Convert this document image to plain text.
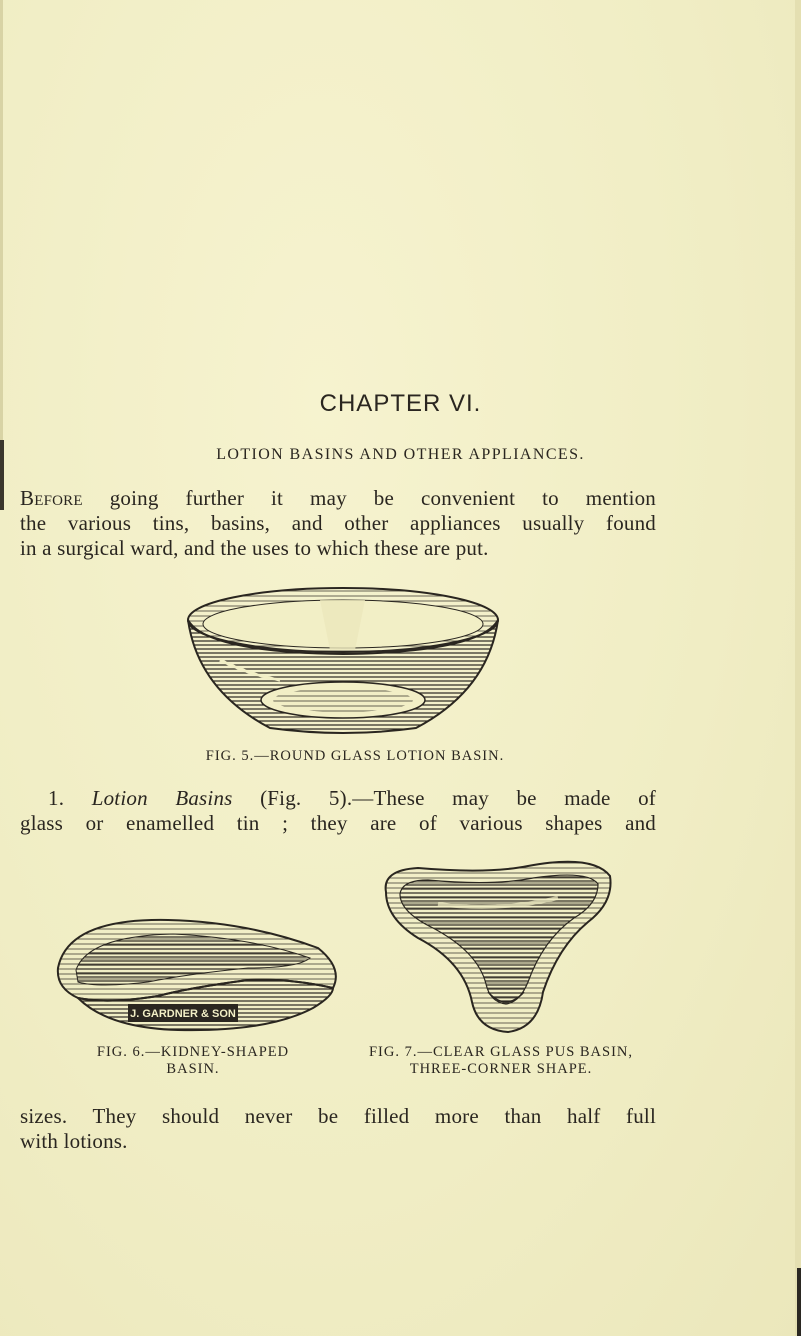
CHAPTER VI.
LOTION BASINS AND OTHER APPLIANCES.
Before going further it may be convenient to mention
the various tins, basins, and other appliances usually found
in a surgical ward, and the uses to which these are put.
FIG. 5.—ROUND GLASS LOTION BASIN.
1. Lotion Basins (Fig. 5).—These may be made of
glass or enamelled tin ; they are of various shapes and
J. GARDNER & SON
FIG. 6.—KIDNEY-SHAPED
BASIN.
FIG. 7.—CLEAR GLASS PUS BASIN,
THREE-CORNER SHAPE.
sizes. They should never be filled more than half full
with lotions.
